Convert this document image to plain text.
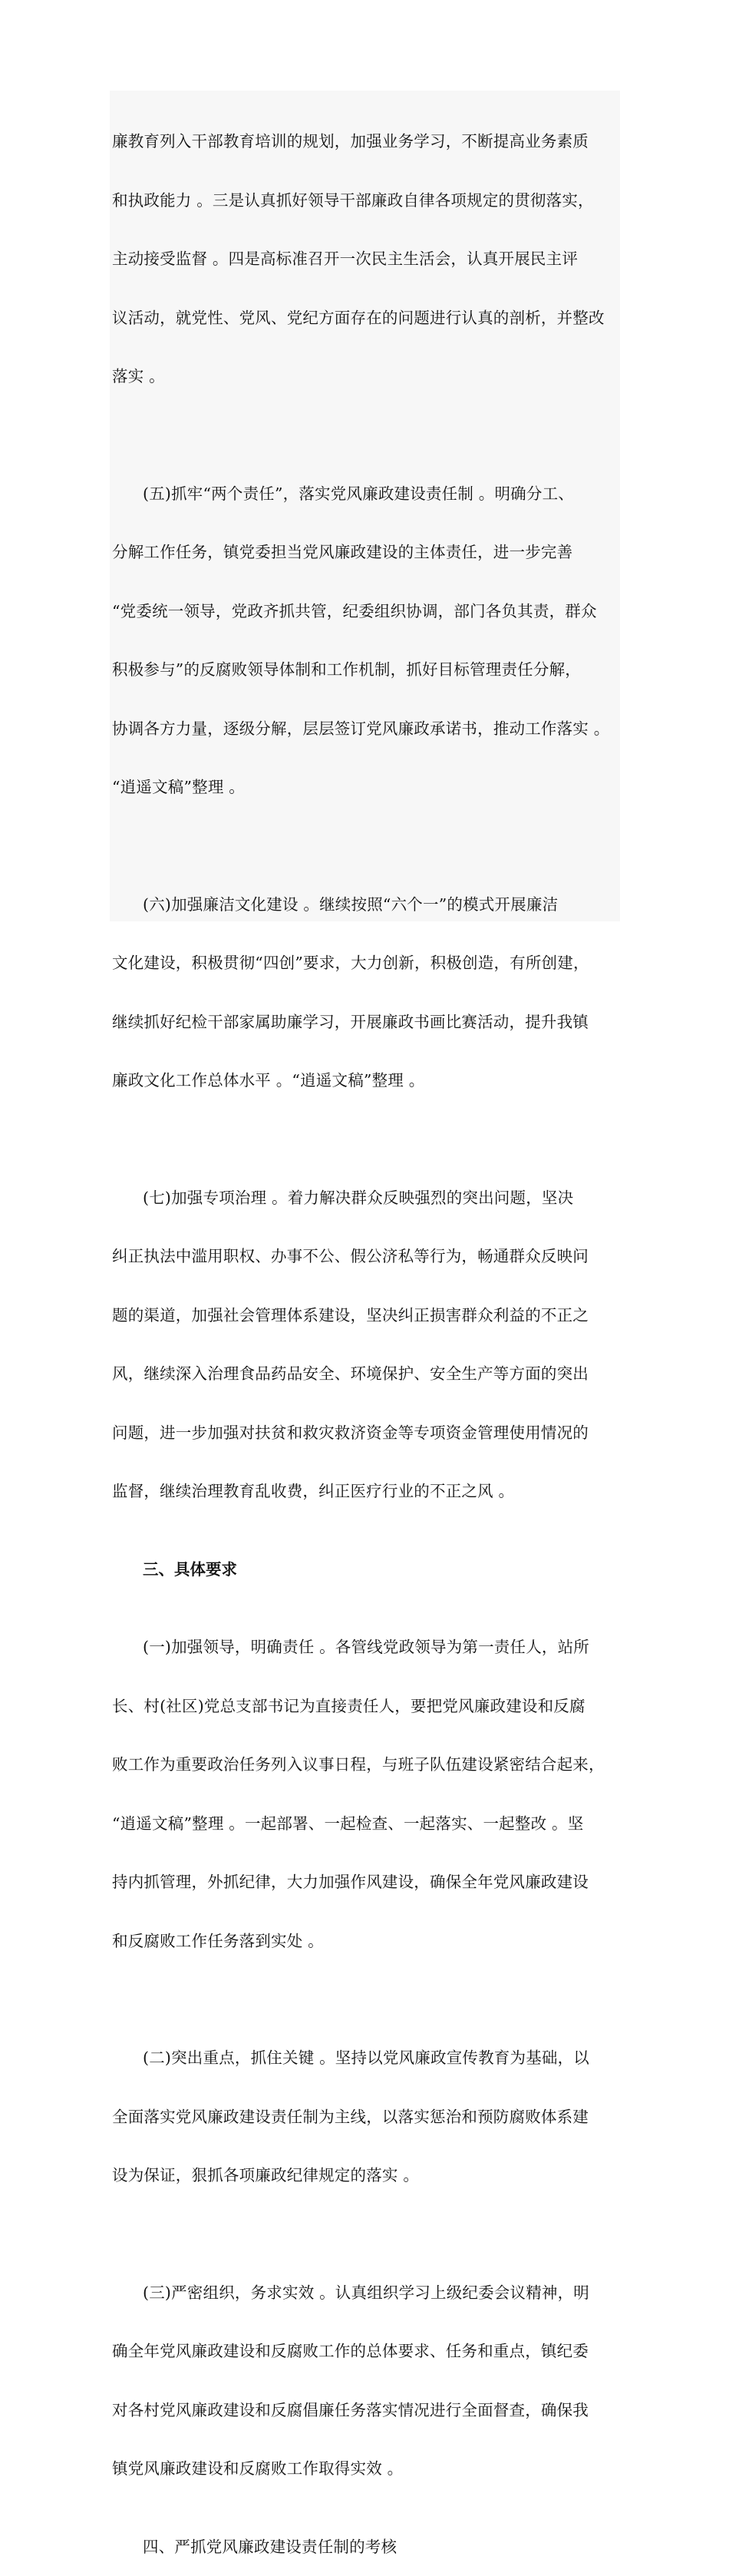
廉教育列入干部教育培训的规划，加强业务学习，不断提高业务素质

和执政能力 。三是认真抓好领导干部廉政自律各项规定的贯彻落实，

主动接受监督 。四是高标准召开一次民主生活会，认真开展民主评

议活动，就党性、党风、党纪方面存在的问题进行认真的剖析，并整改

落实 。

(五)抓牢“两个责任”，落实党风廉政建设责任制 。明确分工、

分解工作任务，镇党委担当党风廉政建设的主体责任，进一步完善

“党委统一领导，党政齐抓共管，纪委组织协调，部门各负其责，群众

积极参与”的反腐败领导体制和工作机制，抓好目标管理责任分解，

协调各方力量，逐级分解，层层签订党风廉政承诺书，推动工作落实 。

“逍遥文稿”整理 。

(六)加强廉洁文化建设 。继续按照“六个一”的模式开展廉洁

文化建设，积极贯彻“四创”要求，大力创新，积极创造，有所创建，

继续抓好纪检干部家属助廉学习，开展廉政书画比赛活动，提升我镇

廉政文化工作总体水平 。“逍遥文稿”整理 。

(七)加强专项治理 。着力解决群众反映强烈的突出问题，坚决

纠正执法中滥用职权、办事不公、假公济私等行为，畅通群众反映问

题的渠道，加强社会管理体系建设，坚决纠正损害群众利益的不正之

风，继续深入治理食品药品安全、环境保护、安全生产等方面的突出

问题，进一步加强对扶贫和救灾救济资金等专项资金管理使用情况的

监督，继续治理教育乱收费，纠正医疗行业的不正之风 。

三、具体要求

(一)加强领导，明确责任 。各管线党政领导为第一责任人，站所

长、村(社区)党总支部书记为直接责任人，要把党风廉政建设和反腐

败工作为重要政治任务列入议事日程，与班子队伍建设紧密结合起来，

“逍遥文稿”整理 。一起部署、一起检查、一起落实、一起整改 。坚

持内抓管理，外抓纪律，大力加强作风建设，确保全年党风廉政建设

和反腐败工作任务落到实处 。

(二)突出重点，抓住关键 。坚持以党风廉政宣传教育为基础，以

全面落实党风廉政建设责任制为主线，以落实惩治和预防腐败体系建

设为保证，狠抓各项廉政纪律规定的落实 。

(三)严密组织，务求实效 。认真组织学习上级纪委会议精神，明

确全年党风廉政建设和反腐败工作的总体要求、任务和重点，镇纪委

对各村党风廉政建设和反腐倡廉任务落实情况进行全面督查，确保我

镇党风廉政建设和反腐败工作取得实效 。

四、严抓党风廉政建设责任制的考核
